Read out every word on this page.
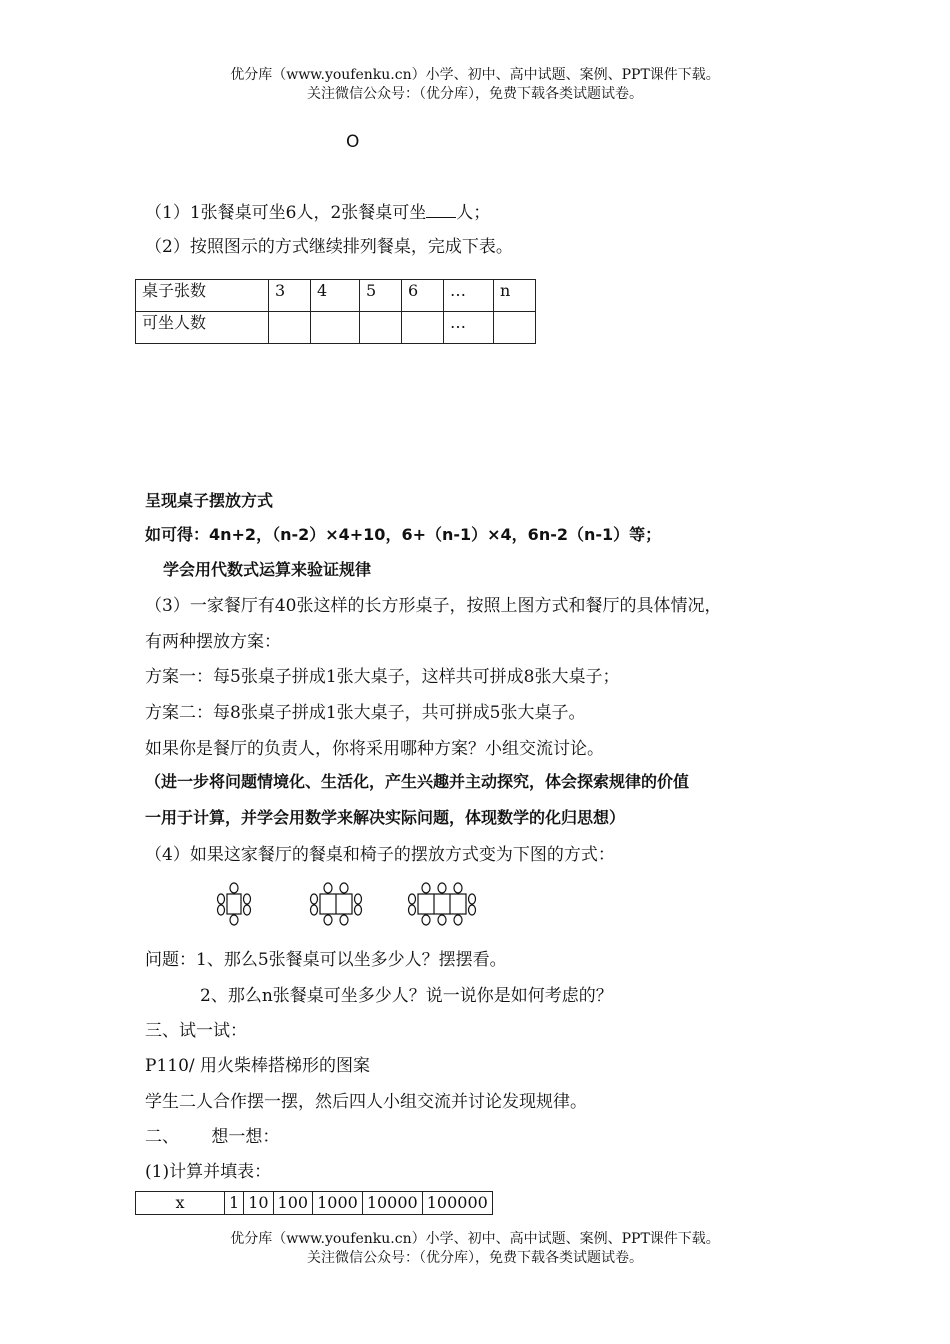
优分库（www.youfenku.cn）小学、初中、高中试题、案例、PPT课件下载。
关注微信公众号：（优分库），免费下载各类试题试卷。
O
（1）1张餐桌可坐6人，2张餐桌可坐 人；
（2）按照图示的方式继续排列餐桌，完成下表。
桌子张数	3	4	5	6	…	n
可坐人数					…	
呈现桌子摆放方式
如可得：4n+2，（n-2）×4+10，6+（n-1）×4，6n-2（n-1）等；
学会用代数式运算来验证规律
（3）一家餐厅有40张这样的长方形桌子，按照上图方式和餐厅的具体情况，
有两种摆放方案：
方案一：每5张桌子拼成1张大桌子，这样共可拼成8张大桌子；
方案二：每8张桌子拼成1张大桌子，共可拼成5张大桌子。
如果你是餐厅的负责人，你将采用哪种方案？小组交流讨论。
（进一步将问题情境化、生活化，产生兴趣并主动探究，体会探索规律的价值
一用于计算，并学会用数学来解决实际问题，体现数学的化归思想）
（4）如果这家餐厅的餐桌和椅子的摆放方式变为下图的方式：
问题：1、那么5张餐桌可以坐多少人？摆摆看。
2、那么n张餐桌可坐多少人？说一说你是如何考虑的？
三、试一试：
P110/ 用火柴棒搭梯形的图案
学生二人合作摆一摆，然后四人小组交流并讨论发现规律。
二、      想一想：
(1)计算并填表：
x	1	10	100	1000	10000	100000
优分库（www.youfenku.cn）小学、初中、高中试题、案例、PPT课件下载。
关注微信公众号：（优分库），免费下载各类试题试卷。
